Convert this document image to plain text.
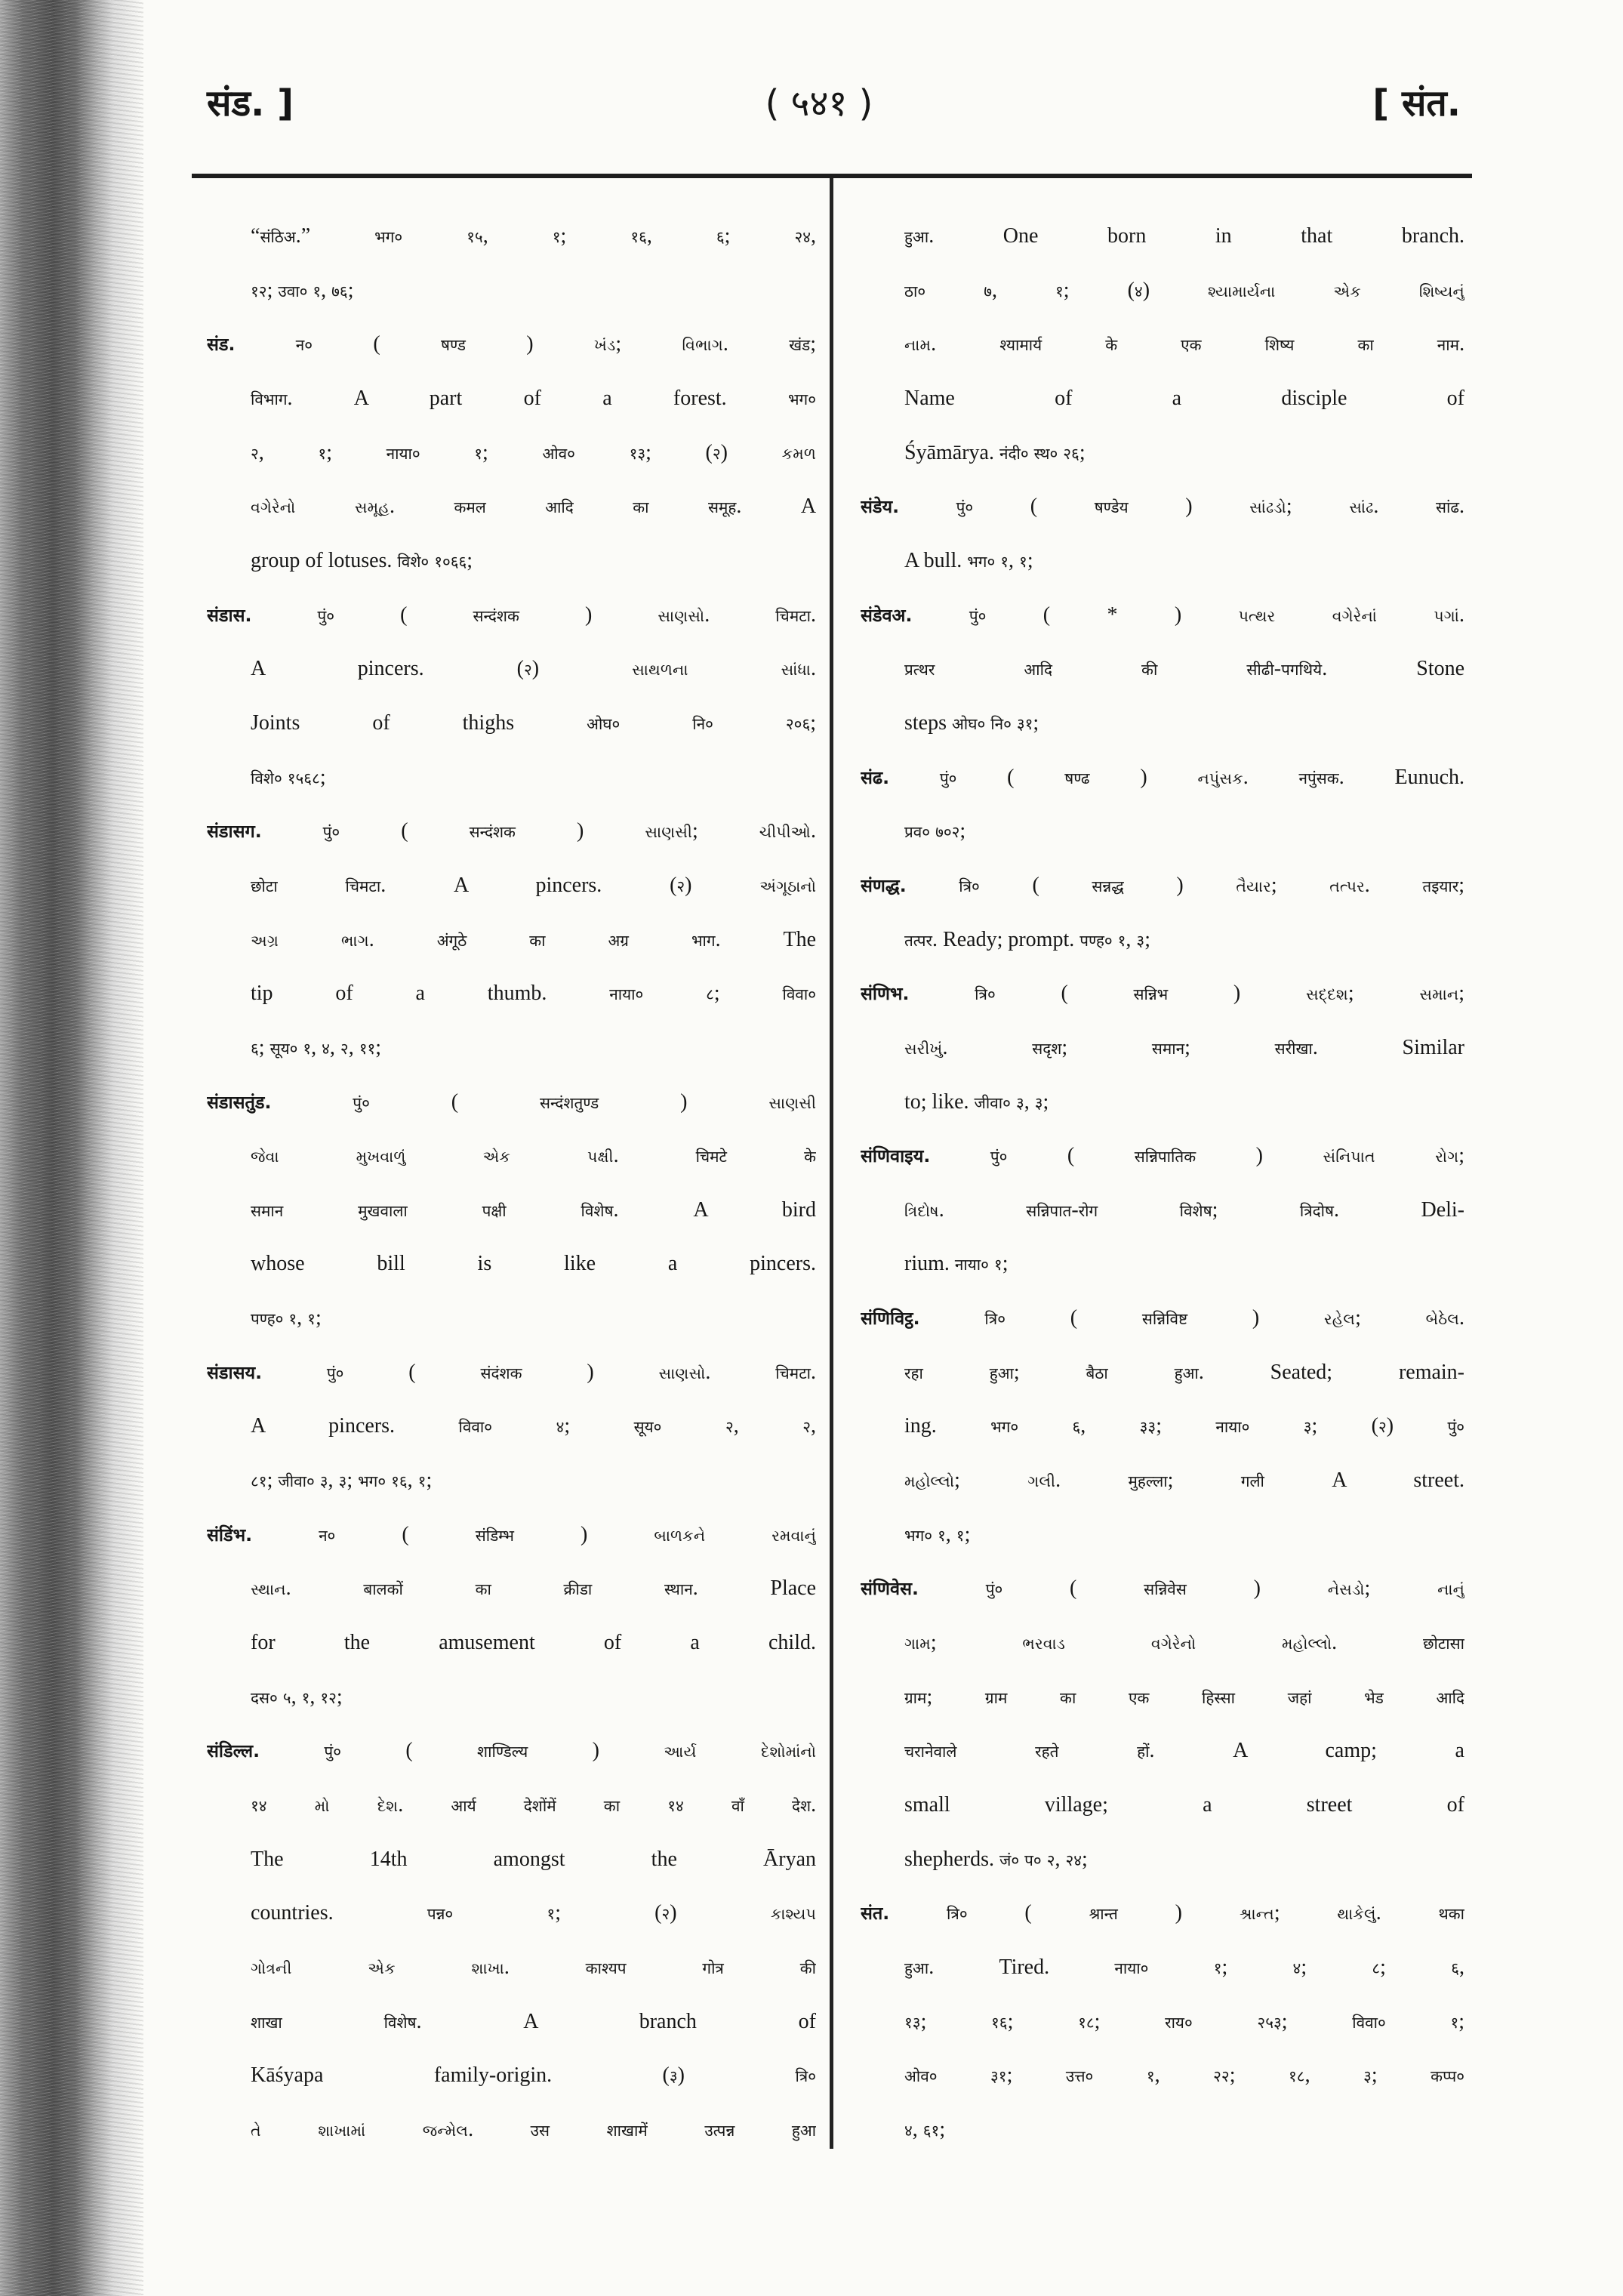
संड. ]	( ५४१ )	[ संत.
“संठिअ.” भग०	१५, १; १६, ६; २४,
१२; उवा० १, ७६;
संड.	न० ( षण्ड ) ખંડ; વિભાગ. खंड;
विभाग. A part of a forest. भग०
२, १; नाया०	१; ओव०	१३; (२) કમળ
વગેરેનો	સમૂહ. कमल	आदि	का	समूह. A
group of lotuses. विशे० १०६६;
संडास.	पुं० ( सन्दंशक ) સાણસો. चिमटा.
A pincers. (२) સાથળના	સાંધા.
Joints of thighs ओघ०	नि०	२०६;
विशे० १५६८;
संडासग.	पुं० ( सन्दंशक ) સાણસી; ચીપીઓ.
छोटा	चिमटा. A pincers. (२) અંગૂઠાનો
અગ્ર	ભાગ. अंगूठे	का	अग्र	भाग. The
tip of a thumb. नाया०	८; विवा०
६; सूय० १, ४, २, ११;
संडासतुंड.	पुं० ( सन्दंशतुण्ड ) સાણસી
જેવા	મુખવાળું	એક	પક્ષી. चिमटे	के
समान	मुखवाला	पक्षी	विशेष. A bird
whose bill is like a pincers.
पण्ह० १, १;
संडासय.	पुं० ( संदंशक ) સાણસો. चिमटा.
A pincers. विवा०	४; सूय०	२, २,
८१; जीवा० ३, ३; भग० १६, १;
संडिंभ.	न० ( संडिम्भ ) બાળકને	રમવાનું
સ્થાન. बालकों	का	क्रीडा	स्थान. Place
for the amusement of a child.
दस० ५, १, १२;
संडिल्ल.	पुं० ( शाण्डिल्य ) આર્ય	દેશોમાંનો
१४	મો	દેશ. आर्य	देशोंमें	का	१४	वाँ	देश.
The 14th amongst the Āryan
countries. पन्न०	१; (२) કાશ્યપ
ગોત્રની	એક	શાખા. काश्यप	गोत्र	की
शाखा	विशेष. A branch of
Kāśyapa family-origin. (३) त्रि०
તે	શાખામાં	જન્મેલ. उस	शाखामें	उत्पन्न	हुआ
हुआ. One born in that branch.
ठा०	७, १; (४) શ્યામાર્યના	એક	શિષ્યનું
નામ. श्यामार्य	के	एक	शिष्य	का	नाम.
Name of a disciple of
Śyāmārya. नंदी० स्थ० २६;
संडेय.	पुं० ( षण्डेय ) સાંઢડો; સાંઢ. सांढ.
A bull. भग० १, १;
संडेवअ.	पुं० ( * ) પત્થર	વગેરેનાં	પગાં.
प्रत्थर	आदि	की	सीढी-पगथिये. Stone
steps ओघ० नि० ३१;
संढ.	पुं० ( षण्ढ ) નપુંસક. नपुंसक. Eunuch.
प्रव० ७०२;
संणद्ध.	त्रि० ( सन्नद्ध ) તૈયાર; તત્પર. तइयार;
तत्पर. Ready; prompt. पण्ह० १, ३;
संणिभ.	त्रि० ( सन्निभ ) સદ્દશ; સમાન;
સરીખું. सदृश; समान; सरीखा. Similar
to; like. जीवा० ३, ३;
संणिवाइय.	पुं० ( सन्निपातिक ) સંનિપાત	રોગ;
ત્રિદોષ. सन्निपात-रोग	विशेष; त्रिदोष. Deli-
rium. नाया० १;
संणिविट्ठ.	त्रि० ( सन्निविष्ट ) રહેલ; બેઠેલ.
रहा	हुआ; बैठा	हुआ. Seated; remain-
ing. भग०	६, ३३; नाया०	३; (२) पुं०
મહોલ્લો; ગલી. मुहल्ला; गली A street.
भग० १, १;
संणिवेस.	पुं० ( सन्निवेस ) નેસડો; નાનું
ગામ; ભરવાડ	વગેરેનો	મહોલ્લો. छोटासा
ग्राम; ग्राम	का	एक	हिस्सा	जहां	भेड	आदि
चरानेवाले	रहते	हों. A camp; a
small village; a street of
shepherds. जं० प० २, २४;
संत.	त्रि० ( श्रान्त ) શ્રાન્ત; થાકેલું. थका
हुआ. Tired. नाया०	१; ४; ८; ६,
१३; १६; १८; राय०	२५३; विवा०	१;
ओव०	३१; उत्त०	१, २२; १८, ३; कप्प०
४, ६१;
